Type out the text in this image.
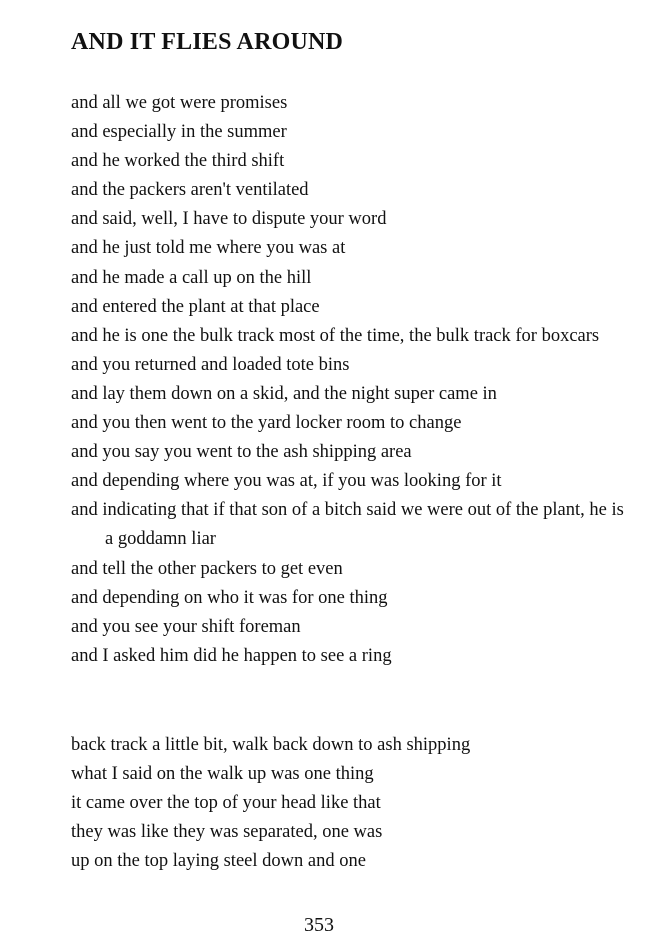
AND IT FLIES AROUND
and all we got were promises
and especially in the summer
and he worked the third shift
and the packers aren't ventilated
and said, well, I have to dispute your word
and he just told me where you was at
and he made a call up on the hill
and entered the plant at that place
and he is one the bulk track most of the time, the bulk track for boxcars
and you returned and loaded tote bins
and lay them down on a skid, and the night super came in
and you then went to the yard locker room to change
and you say you went to the ash shipping area
and depending where you was at, if you was looking for it
and indicating that if that son of a bitch said we were out of the plant, he is a goddamn liar
and tell the other packers to get even
and depending on who it was for one thing
and you see your shift foreman
and I asked him did he happen to see a ring
back track a little bit, walk back down to ash shipping
what I said on the walk up was one thing
it came over the top of your head like that
they was like they was separated, one was
up on the top laying steel down and one
353
